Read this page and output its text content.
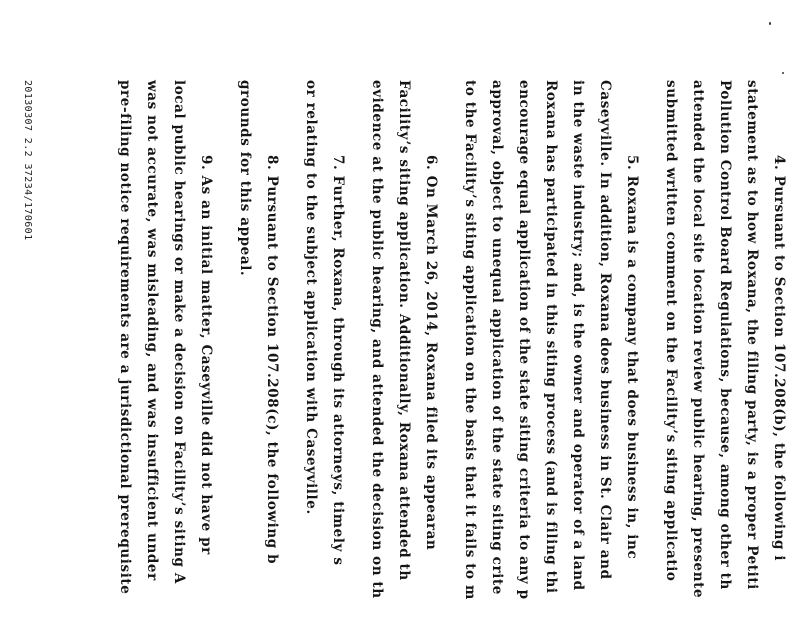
4. Pursuant to Section 107.208(b), the following i
statement as to how Roxana, the filing party, is a proper Petiti
Pollution Control Board Regulations, because, among other th
attended the local site location review public hearing, presente
submitted written comment on the Facility’s siting applicatio
5. Roxana is a company that does business in, inc
Caseyville. In addition, Roxana does business in St. Clair and
in the waste industry; and, is the owner and operator of a land
Roxana has participated in this siting process (and is filing thi
encourage equal application of the state siting criteria to any p
approval, object to unequal application of the state siting crite
to the Facility’s siting application on the basis that it fails to m
6. On March 26, 2014, Roxana filed its appearan
Facility’s siting application. Additionally, Roxana attended th
evidence at the public hearing, and attended the decision on th
7. Further, Roxana, through its attorneys, timely s
or relating to the subject application with Caseyville.
8. Pursuant to Section 107.208(c), the following b
grounds for this appeal.
9. As an initial matter, Caseyville did not have pr
local public hearings or make a decision on Facility’s siting A
was not accurate, was misleading, and was insufficient under
pre-filing notice requirements are a jurisdictional prerequisite
20130307 2.2 37234/170601
